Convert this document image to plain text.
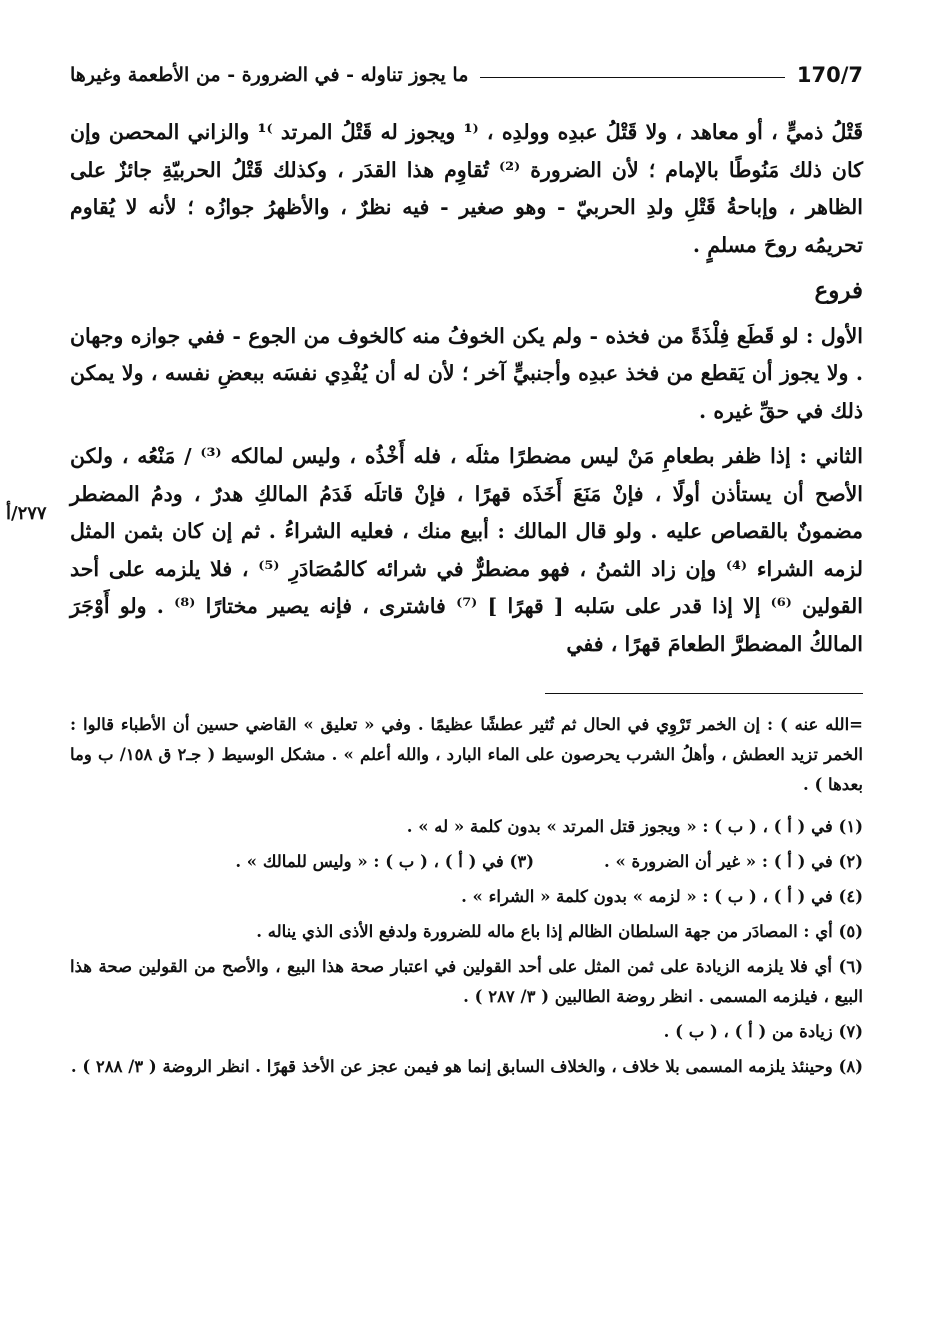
170/7
ما يجوز تناوله - في الضرورة - من الأطعمة وغيرها
٢٧٧/أ

قَتْلُ ذميٍّ ، أو معاهد ، ولا قَتْلُ عبدِه وولدِه ، ⁽¹ ويجوز له قَتْلُ المرتد ⁾¹ والزاني المحصن وإن كان ذلك مَنُوطًا بالإمام ؛ لأن الضرورة ⁽²⁾ تُقاوِم هذا القدَر ، وكذلك قَتْلُ الحربيّةِ جائزٌ على الظاهر ، وإباحةُ قَتْلِ ولدِ الحربيّ - وهو صغير - فيه نظرٌ ، والأظهرُ جوازُه ؛ لأنه لا يُقاوم تحريمُه روحَ مسلمٍ .

فروع

الأول : لو قَطَع فِلْذَةً من فخذه - ولم يكن الخوفُ منه كالخوف من الجوع - ففي جوازه وجهان . ولا يجوز أن يَقطع من فخذ عبدِه وأجنبيٍّ آخر ؛ لأن له أن يُفْدِي نفسَه ببعضِ نفسه ، ولا يمكن ذلك في حقِّ غيره .

الثاني : إذا ظفر بطعامِ مَنْ ليس مضطرًا مثلَه ، فله أَخْذُه ، وليس لمالكه ⁽³⁾ / مَنْعُه ، ولكن الأصح أن يستأذن أولًا ، فإنْ مَنَعَ أَخَذَه قهرًا ، فإنْ قاتلَه فَدَمُ المالكِ هدرٌ ، ودمُ المضطر مضمونٌ بالقصاص عليه . ولو قال المالك : أبيع منك ، فعليه الشراءُ . ثم إن كان بثمن المثل لزمه الشراء ⁽⁴⁾ وإن زاد الثمنُ ، فهو مضطرٌّ في شرائه كالمُصَادَرِ ⁽⁵⁾ ، فلا يلزمه على أحد القولين ⁽⁶⁾ إلا إذا قدر على سَلبه [ قهرًا ] ⁽⁷⁾ فاشترى ، فإنه يصير مختارًا ⁽⁸⁾ . ولو أَوْجَرَ المالكُ المضطرَّ الطعامَ قهرًا ، ففي

=الله عنه ) : إن الخمر تَرْوِي في الحال ثم تُثير عطشًا عظيمًا . وفي « تعليق » القاضي حسين أن الأطباء قالوا : الخمر تزيد العطش ، وأهلُ الشرب يحرصون على الماء البارد ، والله أعلم » . مشكل الوسيط ( جـ٢ ق ١٥٨/ ب وما بعدها ) .

(١) في ( أ ) ، ( ب ) : « ويجوز قتل المرتد » بدون كلمة « له » .

(٢) في ( أ ) : « غير أن الضرورة » .
(٣) في ( أ ) ، ( ب ) : « وليس للمالك » .

(٤) في ( أ ) ، ( ب ) : « لزمه » بدون كلمة « الشراء » .

(٥) أي : المصادَر من جهة السلطان الظالم إذا باع ماله للضرورة ولدفع الأذى الذي يناله .

(٦) أي فلا يلزمه الزيادة على ثمن المثل على أحد القولين في اعتبار صحة هذا البيع ، والأصح من القولين صحة هذا البيع ، فيلزمه المسمى . انظر روضة الطالبين ( ٣/ ٢٨٧ ) .

(٧) زيادة من ( أ ) ، ( ب ) .

(٨) وحينئذ يلزمه المسمى بلا خلاف ، والخلاف السابق إنما هو فيمن عجز عن الأخذ قهرًا . انظر الروضة ( ٣/ ٢٨٨ ) .
